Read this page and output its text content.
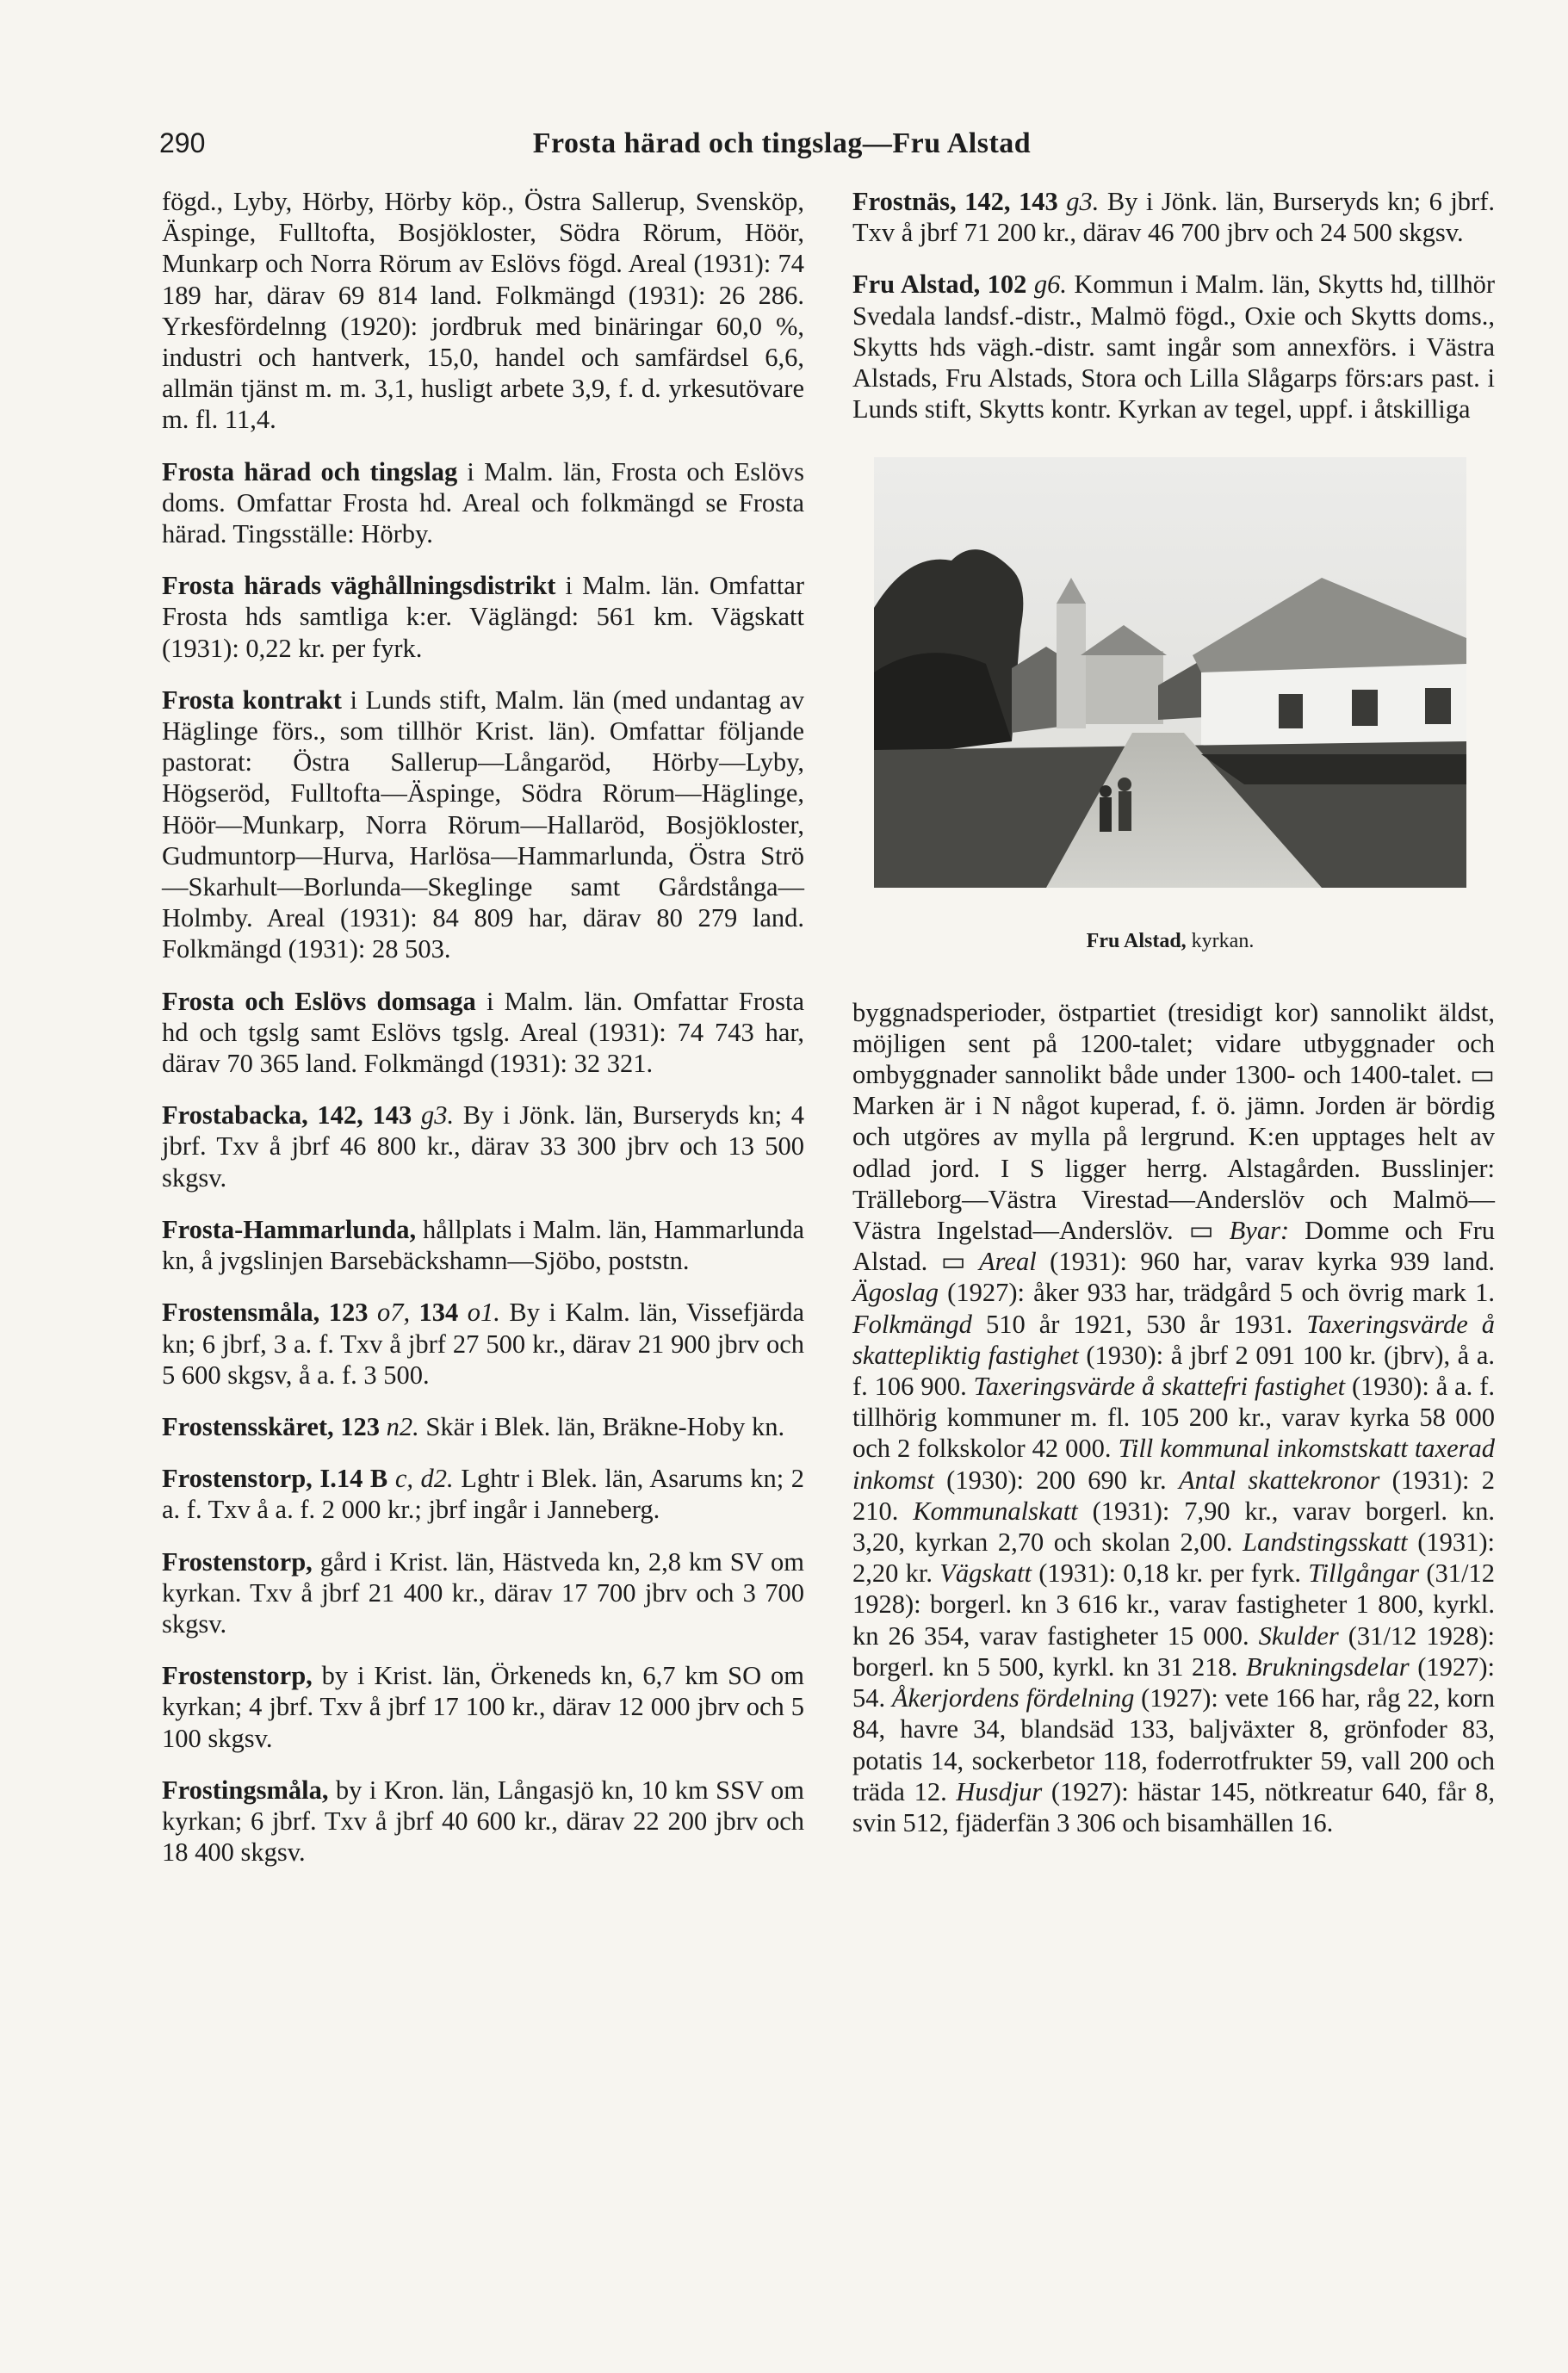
290	Frosta härad och tingslag—Fru Alstad

fögd., Lyby, Hörby, Hörby köp., Östra Sallerup, Svensköp, Äspinge, Fulltofta, Bosjökloster, Södra Rörum, Höör, Munkarp och Norra Rörum av Eslövs fögd. Areal (1931): 74 189 har, därav 69 814 land. Folkmängd (1931): 26 286. Yrkesfördelnng (1920): jordbruk med binäringar 60,0 %, industri och hantverk, 15,0, handel och samfärdsel 6,6, allmän tjänst m. m. 3,1, husligt arbete 3,9, f. d. yrkesutövare m. fl. 11,4.

Frosta härad och tingslag i Malm. län, Frosta och Eslövs doms. Omfattar Frosta hd. Areal och folkmängd se Frosta härad. Tingsställe: Hörby.

Frosta härads väghållningsdistrikt i Malm. län. Omfattar Frosta hds samtliga k:er. Väglängd: 561 km. Vägskatt (1931): 0,22 kr. per fyrk.

Frosta kontrakt i Lunds stift, Malm. län (med undantag av Häglinge förs., som tillhör Krist. län). Omfattar följande pastorat: Östra Sallerup—Långaröd, Hörby—Lyby, Högseröd, Fulltofta—Äspinge, Södra Rörum—Häglinge, Höör—Munkarp, Norra Rörum—Hallaröd, Bosjökloster, Gudmuntorp—Hurva, Harlösa—Hammarlunda, Östra Strö—Skarhult—Borlunda—Skeglinge samt Gårdstånga—Holmby. Areal (1931): 84 809 har, därav 80 279 land. Folkmängd (1931): 28 503.

Frosta och Eslövs domsaga i Malm. län. Omfattar Frosta hd och tgslg samt Eslövs tgslg. Areal (1931): 74 743 har, därav 70 365 land. Folkmängd (1931): 32 321.

Frostabacka, 142, 143 g3. By i Jönk. län, Burseryds kn; 4 jbrf. Txv å jbrf 46 800 kr., därav 33 300 jbrv och 13 500 skgsv.

Frosta-Hammarlunda, hållplats i Malm. län, Hammarlunda kn, å jvgslinjen Barsebäckshamn—Sjöbo, poststn.

Frostensmåla, 123 o7, 134 o1. By i Kalm. län, Vissefjärda kn; 6 jbrf, 3 a. f. Txv å jbrf 27 500 kr., därav 21 900 jbrv och 5 600 skgsv, å a. f. 3 500.

Frostensskäret, 123 n2. Skär i Blek. län, Bräkne-Hoby kn.

Frostenstorp, I.14 B c, d2. Lghtr i Blek. län, Asarums kn; 2 a. f. Txv å a. f. 2 000 kr.; jbrf ingår i Janneberg.

Frostenstorp, gård i Krist. län, Hästveda kn, 2,8 km SV om kyrkan. Txv å jbrf 21 400 kr., därav 17 700 jbrv och 3 700 skgsv.

Frostenstorp, by i Krist. län, Örkeneds kn, 6,7 km SO om kyrkan; 4 jbrf. Txv å jbrf 17 100 kr., därav 12 000 jbrv och 5 100 skgsv.

Frostingsmåla, by i Kron. län, Långasjö kn, 10 km SSV om kyrkan; 6 jbrf. Txv å jbrf 40 600 kr., därav 22 200 jbrv och 18 400 skgsv.

Frostnäs, 142, 143 g3. By i Jönk. län, Burseryds kn; 6 jbrf. Txv å jbrf 71 200 kr., därav 46 700 jbrv och 24 500 skgsv.

Fru Alstad, 102 g6. Kommun i Malm. län, Skytts hd, tillhör Svedala landsf.-distr., Malmö fögd., Oxie och Skytts doms., Skytts hds vägh.-distr. samt ingår som annexförs. i Västra Alstads, Fru Alstads, Stora och Lilla Slågarps förs:ars past. i Lunds stift, Skytts kontr. Kyrkan av tegel, uppf. i åtskilliga

Fru Alstad, kyrkan.

byggnadsperioder, östpartiet (tresidigt kor) sannolikt äldst, möjligen sent på 1200-talet; vidare utbyggnader och ombyggnader sannolikt både under 1300- och 1400-talet. ▭ Marken är i N något kuperad, f. ö. jämn. Jorden är bördig och utgöres av mylla på lergrund. K:en upptages helt av odlad jord. I S ligger herrg. Alstagården. Busslinjer: Trälleborg—Västra Virestad—Anderslöv och Malmö—Västra Ingelstad—Anderslöv. ▭ Byar: Domme och Fru Alstad. ▭ Areal (1931): 960 har, varav kyrka 939 land. Ägoslag (1927): åker 933 har, trädgård 5 och övrig mark 1. Folkmängd 510 år 1921, 530 år 1931. Taxeringsvärde å skattepliktig fastighet (1930): å jbrf 2 091 100 kr. (jbrv), å a. f. 106 900. Taxeringsvärde å skattefri fastighet (1930): å a. f. tillhörig kommuner m. fl. 105 200 kr., varav kyrka 58 000 och 2 folkskolor 42 000. Till kommunal inkomstskatt taxerad inkomst (1930): 200 690 kr. Antal skattekronor (1931): 2 210. Kommunalskatt (1931): 7,90 kr., varav borgerl. kn. 3,20, kyrkan 2,70 och skolan 2,00. Landstingsskatt (1931): 2,20 kr. Vägskatt (1931): 0,18 kr. per fyrk. Tillgångar (31/12 1928): borgerl. kn 3 616 kr., varav fastigheter 1 800, kyrkl. kn 26 354, varav fastigheter 15 000. Skulder (31/12 1928): borgerl. kn 5 500, kyrkl. kn 31 218. Brukningsdelar (1927): 54. Åkerjordens fördelning (1927): vete 166 har, råg 22, korn 84, havre 34, blandsäd 133, baljväxter 8, grönfoder 83, potatis 14, sockerbetor 118, foderrotfrukter 59, vall 200 och träda 12. Husdjur (1927): hästar 145, nötkreatur 640, får 8, svin 512, fjäderfän 3 306 och bisamhällen 16.
